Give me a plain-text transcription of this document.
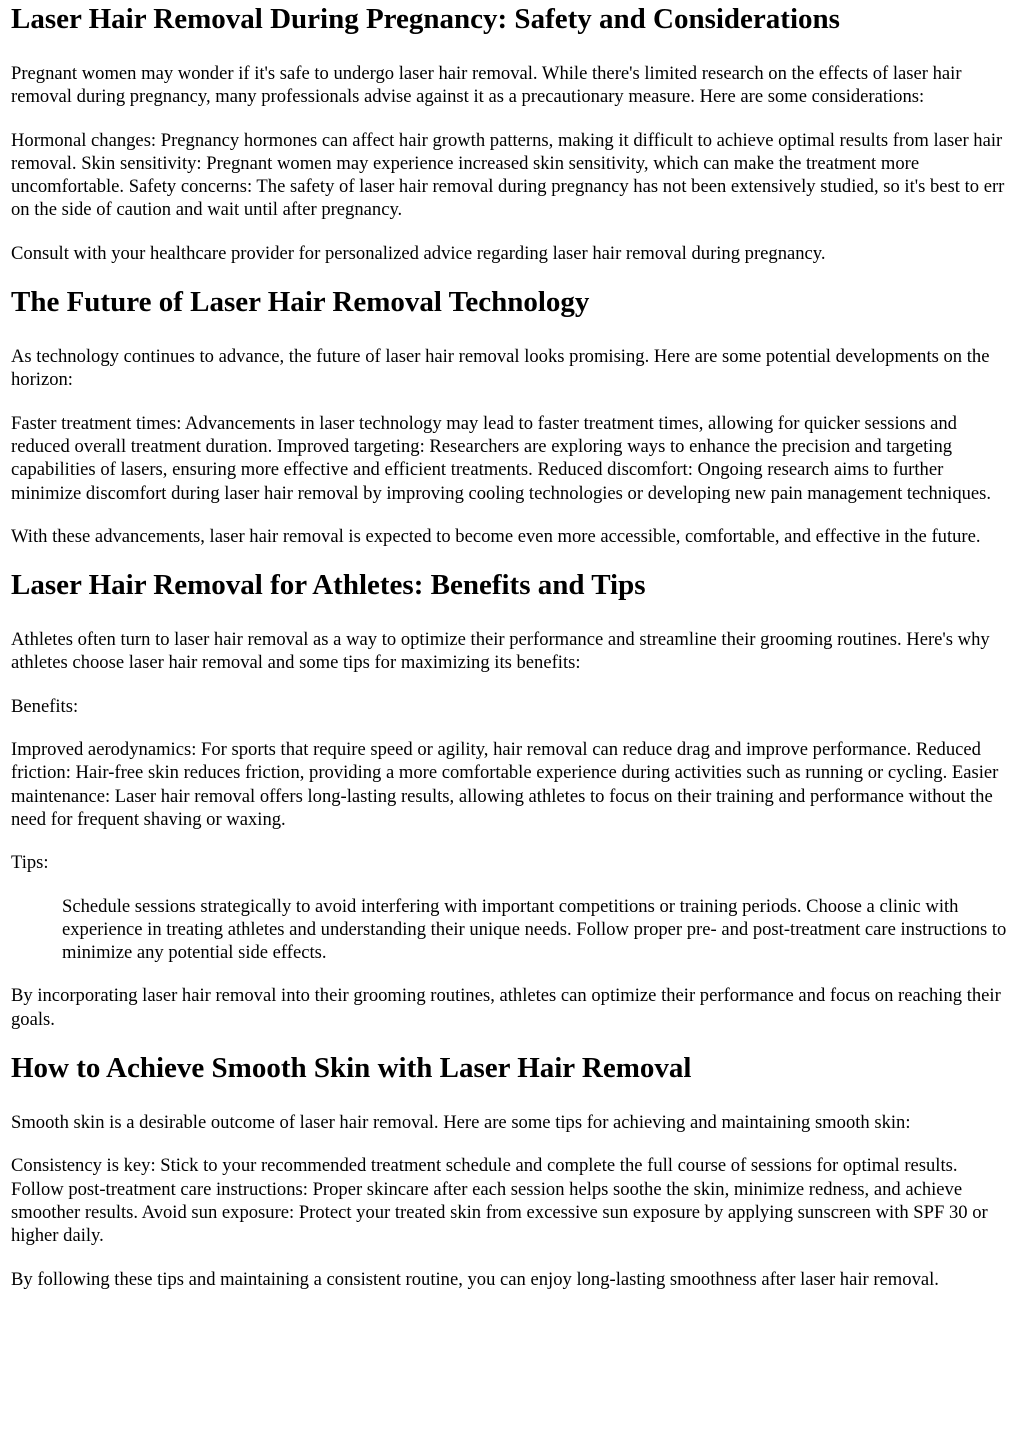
Laser Hair Removal During Pregnancy: Safety and Considerations

Pregnant women may wonder if it's safe to undergo laser hair removal. While there's limited research on the effects of laser hair removal during pregnancy, many professionals advise against it as a precautionary measure. Here are some considerations:

Hormonal changes: Pregnancy hormones can affect hair growth patterns, making it difficult to achieve optimal results from laser hair removal. Skin sensitivity: Pregnant women may experience increased skin sensitivity, which can make the treatment more uncomfortable. Safety concerns: The safety of laser hair removal during pregnancy has not been extensively studied, so it's best to err on the side of caution and wait until after pregnancy.

Consult with your healthcare provider for personalized advice regarding laser hair removal during pregnancy.

The Future of Laser Hair Removal Technology

As technology continues to advance, the future of laser hair removal looks promising. Here are some potential developments on the horizon:

Faster treatment times: Advancements in laser technology may lead to faster treatment times, allowing for quicker sessions and reduced overall treatment duration. Improved targeting: Researchers are exploring ways to enhance the precision and targeting capabilities of lasers, ensuring more effective and efficient treatments. Reduced discomfort: Ongoing research aims to further minimize discomfort during laser hair removal by improving cooling technologies or developing new pain management techniques.

With these advancements, laser hair removal is expected to become even more accessible, comfortable, and effective in the future.

Laser Hair Removal for Athletes: Benefits and Tips

Athletes often turn to laser hair removal as a way to optimize their performance and streamline their grooming routines. Here's why athletes choose laser hair removal and some tips for maximizing its benefits:

Benefits:

Improved aerodynamics: For sports that require speed or agility, hair removal can reduce drag and improve performance. Reduced friction: Hair-free skin reduces friction, providing a more comfortable experience during activities such as running or cycling. Easier maintenance: Laser hair removal offers long-lasting results, allowing athletes to focus on their training and performance without the need for frequent shaving or waxing.

Tips:

Schedule sessions strategically to avoid interfering with important competitions or training periods. Choose a clinic with experience in treating athletes and understanding their unique needs. Follow proper pre- and post-treatment care instructions to minimize any potential side effects.

By incorporating laser hair removal into their grooming routines, athletes can optimize their performance and focus on reaching their goals.

How to Achieve Smooth Skin with Laser Hair Removal

Smooth skin is a desirable outcome of laser hair removal. Here are some tips for achieving and maintaining smooth skin:

Consistency is key: Stick to your recommended treatment schedule and complete the full course of sessions for optimal results. Follow post-treatment care instructions: Proper skincare after each session helps soothe the skin, minimize redness, and achieve smoother results. Avoid sun exposure: Protect your treated skin from excessive sun exposure by applying sunscreen with SPF 30 or higher daily.

By following these tips and maintaining a consistent routine, you can enjoy long-lasting smoothness after laser hair removal.
